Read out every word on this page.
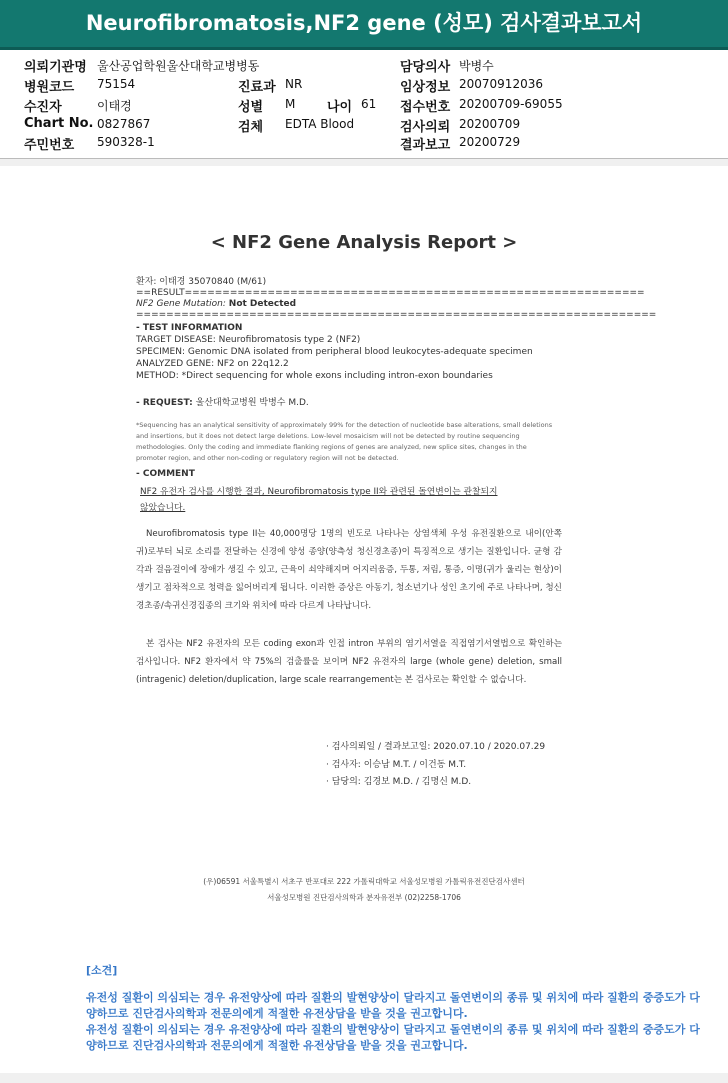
Neurofibromatosis,NF2 gene (성모) 검사결과보고서
의뢰기관명 울산공업학원울산대학교병병동	담당의사 박병수
병원코드 75154	진료과 NR	임상정보 20070912036
수진자	이태경	성별 M 나이 61 접수번호 20200709-69055
Chart No. 0827867	검체 EDTA Blood	검사의뢰 20200709
주민번호 590328-1	결과보고 20200729
< NF2 Gene Analysis Report >
환자: 이태경 35070840 (M/61)
==RESULT=============================================================
NF2 Gene Mutation: Not Detected
=====================================================================
- TEST INFORMATION
TARGET DISEASE: Neurofibromatosis type 2 (NF2)
SPECIMEN: Genomic DNA isolated from peripheral blood leukocytes-adequate specimen
ANALYZED GENE: NF2 on 22q12.2
METHOD: *Direct sequencing for whole exons including intron-exon boundaries
- REQUEST: 울산대학교병원 박병수 M.D.
*Sequencing has an analytical sensitivity of approximately 99% for the detection of nucleotide base alterations, small deletions and insertions, but it does not detect large deletions. Low-level mosaicism will not be detected by routine sequencing methodologies. Only the coding and immediate flanking regions of genes are analyzed, new splice sites, changes in the promoter region, and other non-coding or regulatory region will not be detected.
- COMMENT
NF2 유전자 검사를 시행한 결과, Neurofibromatosis type II와 관련된 돌연변이는 관찰되지
않았습니다.
Neurofibromatosis type II는 40,000명당 1명의 빈도로 나타나는 상염색체 우성 유전질환으로 내이(안쪽 귀)로부터 뇌로 소리를 전달하는 신경에 양성 종양(양측성 청신경초종)이 특징적으로 생기는 질환입니다. 균형 감각과 걸음걸이에 장애가 생길 수 있고, 근육이 쇠약해지며 어지러움증, 두통, 저림, 통증, 이명(귀가 울리는 현상)이 생기고 점차적으로 청력을 잃어버리게 됩니다. 이러한 증상은 아동기, 청소년기나 성인 초기에 주로 나타나며, 청신경초종/속귀신경집종의 크기와 위치에 따라 다르게 나타납니다.
본 검사는 NF2 유전자의 모든 coding exon과 인접 intron 부위의 염기서열을 직접염기서열법으로 확인하는 검사입니다. NF2 환자에서 약 75%의 검출률을 보이며 NF2 유전자의 large (whole gene) deletion, small (intragenic) deletion/duplication, large scale rearrangement는 본 검사로는 확인할 수 없습니다.
· 검사의뢰일 / 결과보고일: 2020.07.10 / 2020.07.29
· 검사자: 이승남 M.T. / 이건동 M.T.
· 담당의: 김경보 M.D. / 김명신 M.D.
(우)06591 서울특별시 서초구 반포대로 222 가톨릭대학교 서울성모병원 가톨릭유전진단검사센터
서울성모병원 진단검사의학과 분자유전부 (02)2258-1706
[소견]
유전성 질환이 의심되는 경우 유전양상에 따라 질환의 발현양상이 달라지고 돌연변이의 종류 및 위치에 따라 질환의 중증도가 다양하므로 진단검사의학과 전문의에게 적절한 유전상담을 받을 것을 권고합니다.
유전성 질환이 의심되는 경우 유전양상에 따라 질환의 발현양상이 달라지고 돌연변이의 종류 및 위치에 따라 질환의 중증도가 다양하므로 진단검사의학과 전문의에게 적절한 유전상담을 받을 것을 권고합니다.
